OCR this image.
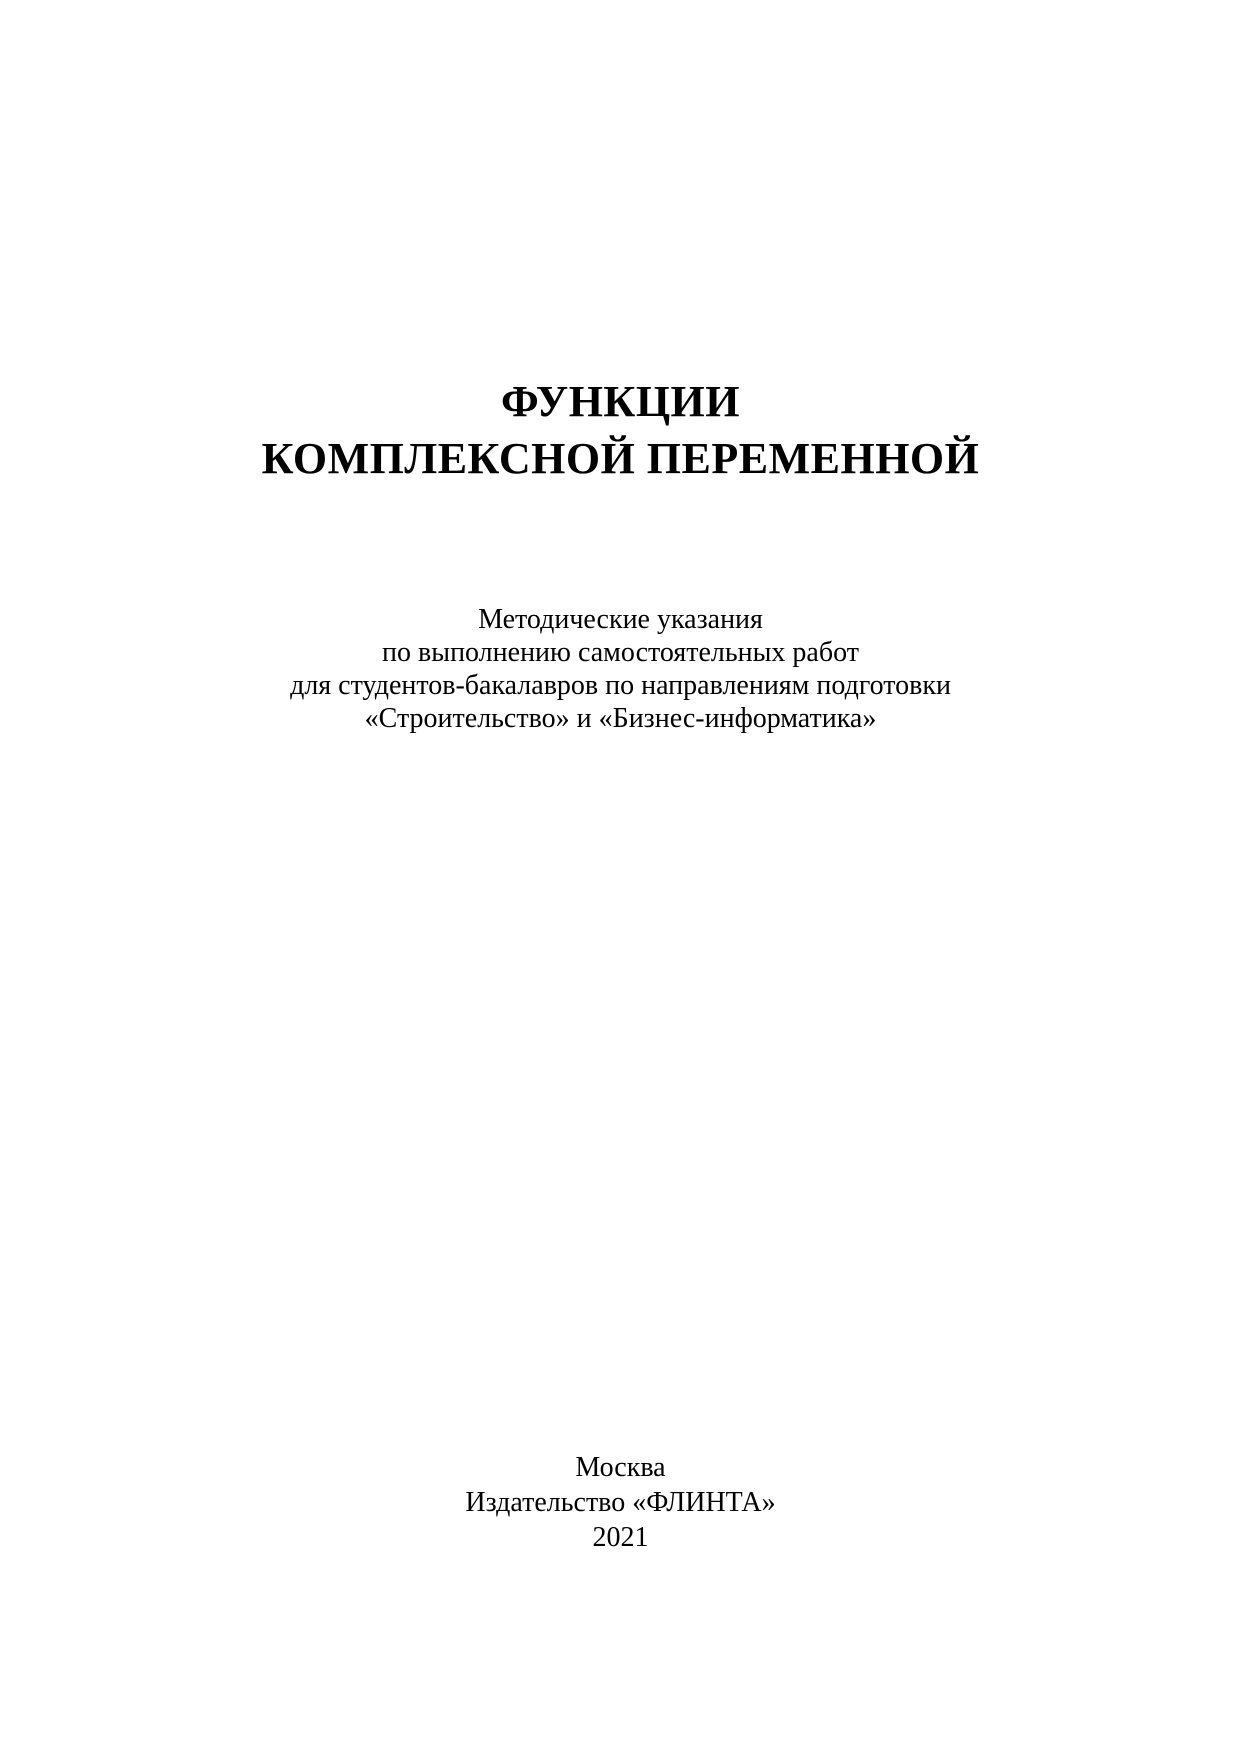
ФУНКЦИИ
КОМПЛЕКСНОЙ ПЕРЕМЕННОЙ
Методические указания
по выполнению самостоятельных работ
для студентов-бакалавров по направлениям подготовки
«Строительство» и «Бизнес-информатика»
Москва
Издательство «ФЛИНТА»
2021
